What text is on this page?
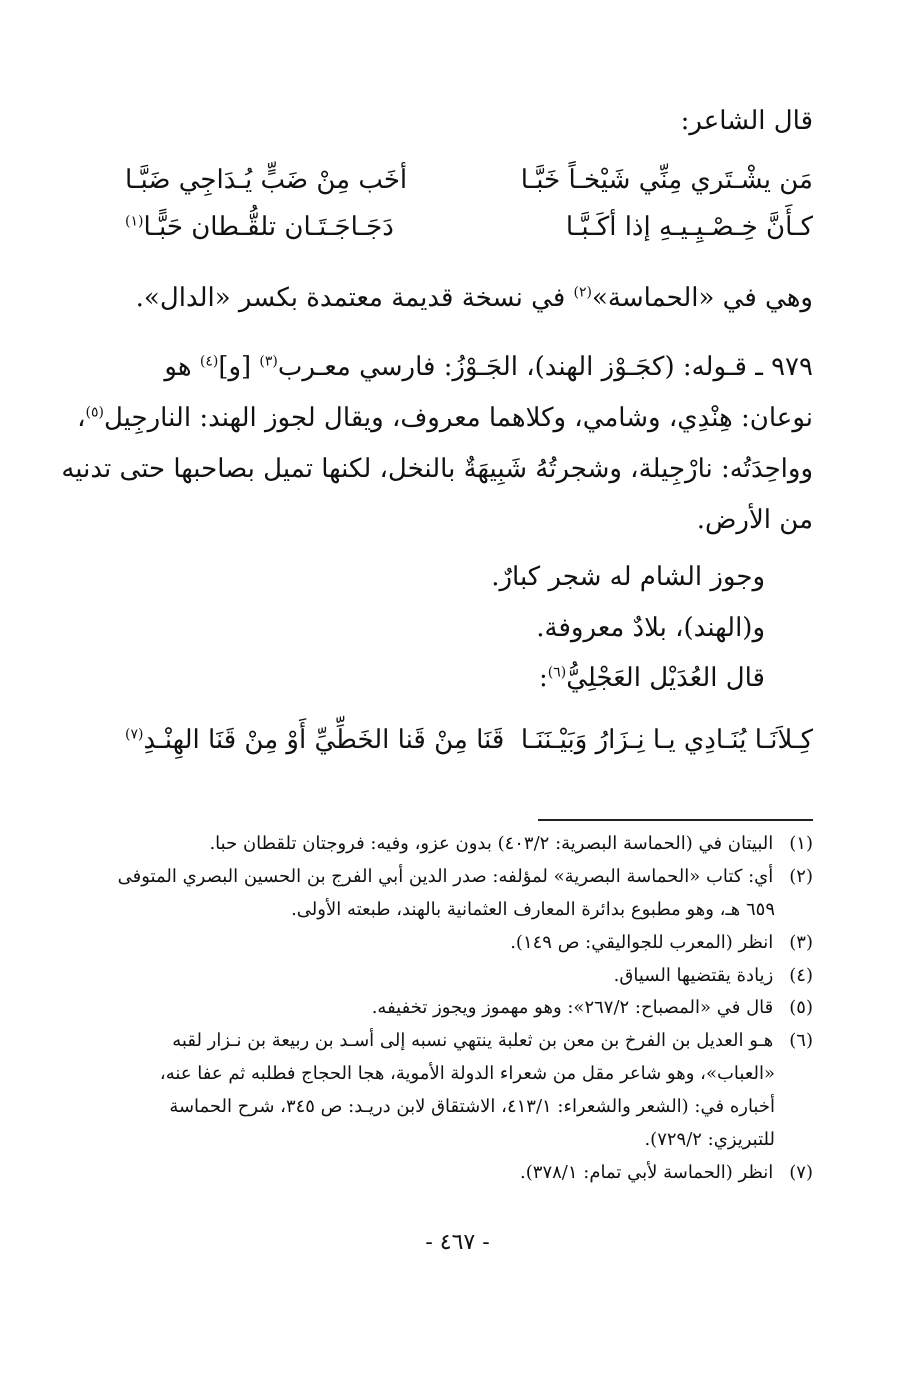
قال الشاعر:
مَن يشْـتَري مِنِّي شَيْخـاً خَبَّـا
أخَب مِنْ ضَبٍّ يُـدَاجِي ضَبَّـا
كـأَنَّ خِـصْـيِـيـهِ إذا أكَـبَّـا
دَجَـاجَـتَـان تلقُّـطان حَبًّـا$^{(١)}$
وهي في «الحماسة»$^{(٢)}$ في نسخة قديمة معتمدة بكسر «الدال».
٩٧٩ ـ قـوله: (كجَـوْز الهند)، الجَـوْزُ: فارسي معـرب$^{(٣)}$ [و]$^{(٤)}$ هو
نوعان: هِنْدِي، وشامي، وكلاهما معروف، ويقال لجوز الهند: النارجِيل$^{(٥)}$،
وواحِدَتُه: نارْجِيلة، وشجرتُهُ شَبِيهَةٌ بالنخل، لكنها تميل بصاحبها حتى تدنيه
من الأرض.
وجوز الشام له شجر كبارٌ.
و(الهند)، بلادٌ معروفة.
قال العُدَيْل العَجْلِيُّ$^{(٦)}$:
كِـلاَنَـا يُنَـادِي يـا نِـزَارُ وَبَيْـنَنَـا
قَنَا مِنْ قَنا الخَطِّيِّ أَوْ مِنْ قَنَا الهِنْـدِ$^{(٧)}$
(١) البيتان في (الحماسة البصرية: ٤٠٣/٢) بدون عزو، وفيه: فروجتان تلقطان حبا.
(٢) أي: كتاب «الحماسة البصرية» لمؤلفه: صدر الدين أبي الفرج بن الحسين البصري المتوفى
٦٥٩ هـ، وهو مطبوع بدائرة المعارف العثمانية بالهند، طبعته الأولى.
(٣) انظر (المعرب للجواليقي: ص ١٤٩).
(٤) زيادة يقتضيها السياق.
(٥) قال في «المصباح: ٢٦٧/٢»: وهو مهموز ويجوز تخفيفه.
(٦) هـو العديل بن الفرخ بن معن بن ثعلبة ينتهي نسبه إلى أسـد بن ربيعة بن نـزار لقبه
«العباب»، وهو شاعر مقل من شعراء الدولة الأموية، هجا الحجاج فطلبه ثم عفا عنه،
أخباره في: (الشعر والشعراء: ٤١٣/١، الاشتقاق لابن دريـد: ص ٣٤٥، شرح الحماسة
للتبريزي: ٧٢٩/٢).
(٧) انظر (الحماسة لأبي تمام: ٣٧٨/١).
- ٤٦٧ -
